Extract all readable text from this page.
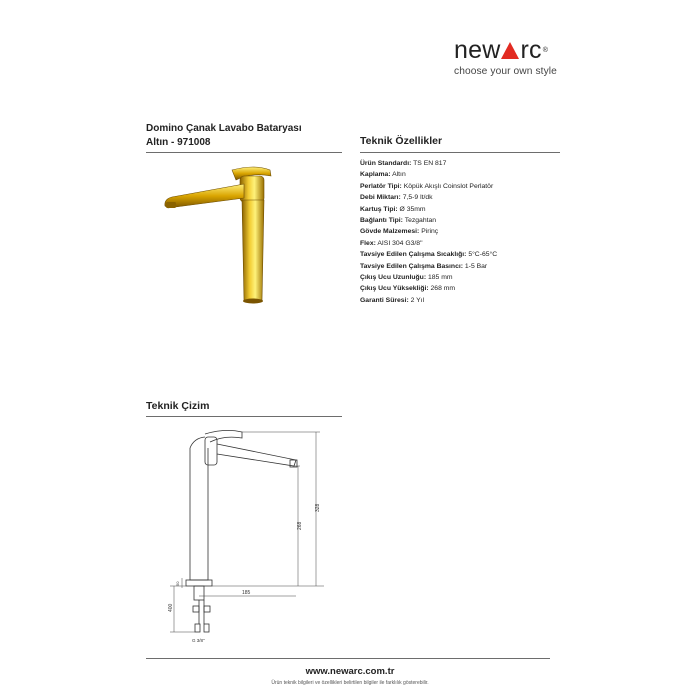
new rc®
choose your own style
Domino Çanak Lavabo Bataryası
Altın - 971008	Teknik Özellikler
Ürün Standardı: TS EN 817
Kaplama: Altın
Perlatör Tipi: Köpük Akışlı Coinslot Perlatör
Debi Miktarı: 7,5-9 lt/dk
Kartuş Tipi: Ø 35mm
Bağlantı Tipi: Tezgahtan
Gövde Malzemesi: Pirinç
Flex: AISI 304 G3/8"
Tavsiye Edilen Çalışma Sıcaklığı: 5°C-65°C
Tavsiye Edilen Çalışma Basıncı: 1-5 Bar
Çıkış Ucu Uzunluğu: 185 mm
Çıkış Ucu Yüksekliği: 268 mm
Garanti Süresi: 2 Yıl
Teknik Çizim
328
268
185
400
50
G 3/8"
www.newarc.com.tr
Ürün teknik bilgileri ve özellikleri belirtilen bilgiler ile farklılık gösterebilir.
